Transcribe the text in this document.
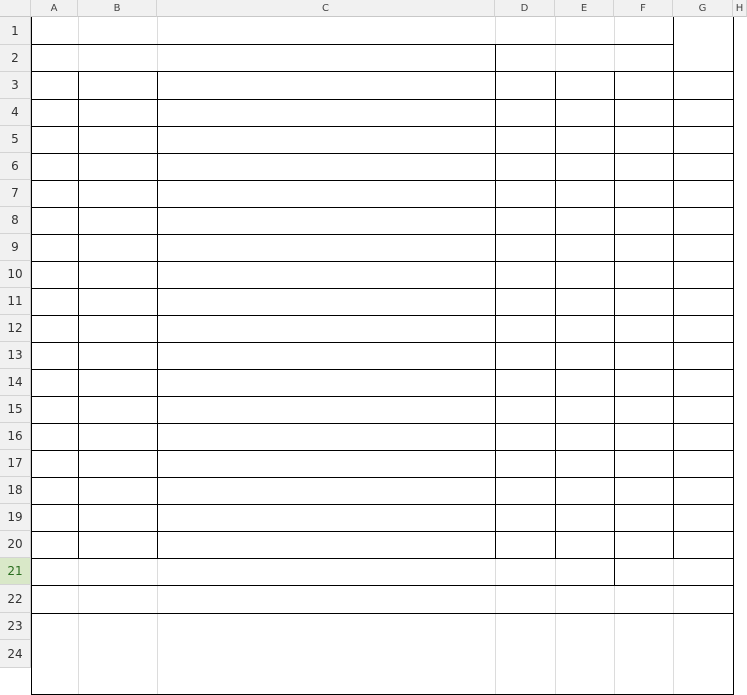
A	B	C	D	E	F	G	H
1
2
3
4
5
6
7
8
9
10
11
12
13
14
15
16
17
18
19
20
21
22
23
24
